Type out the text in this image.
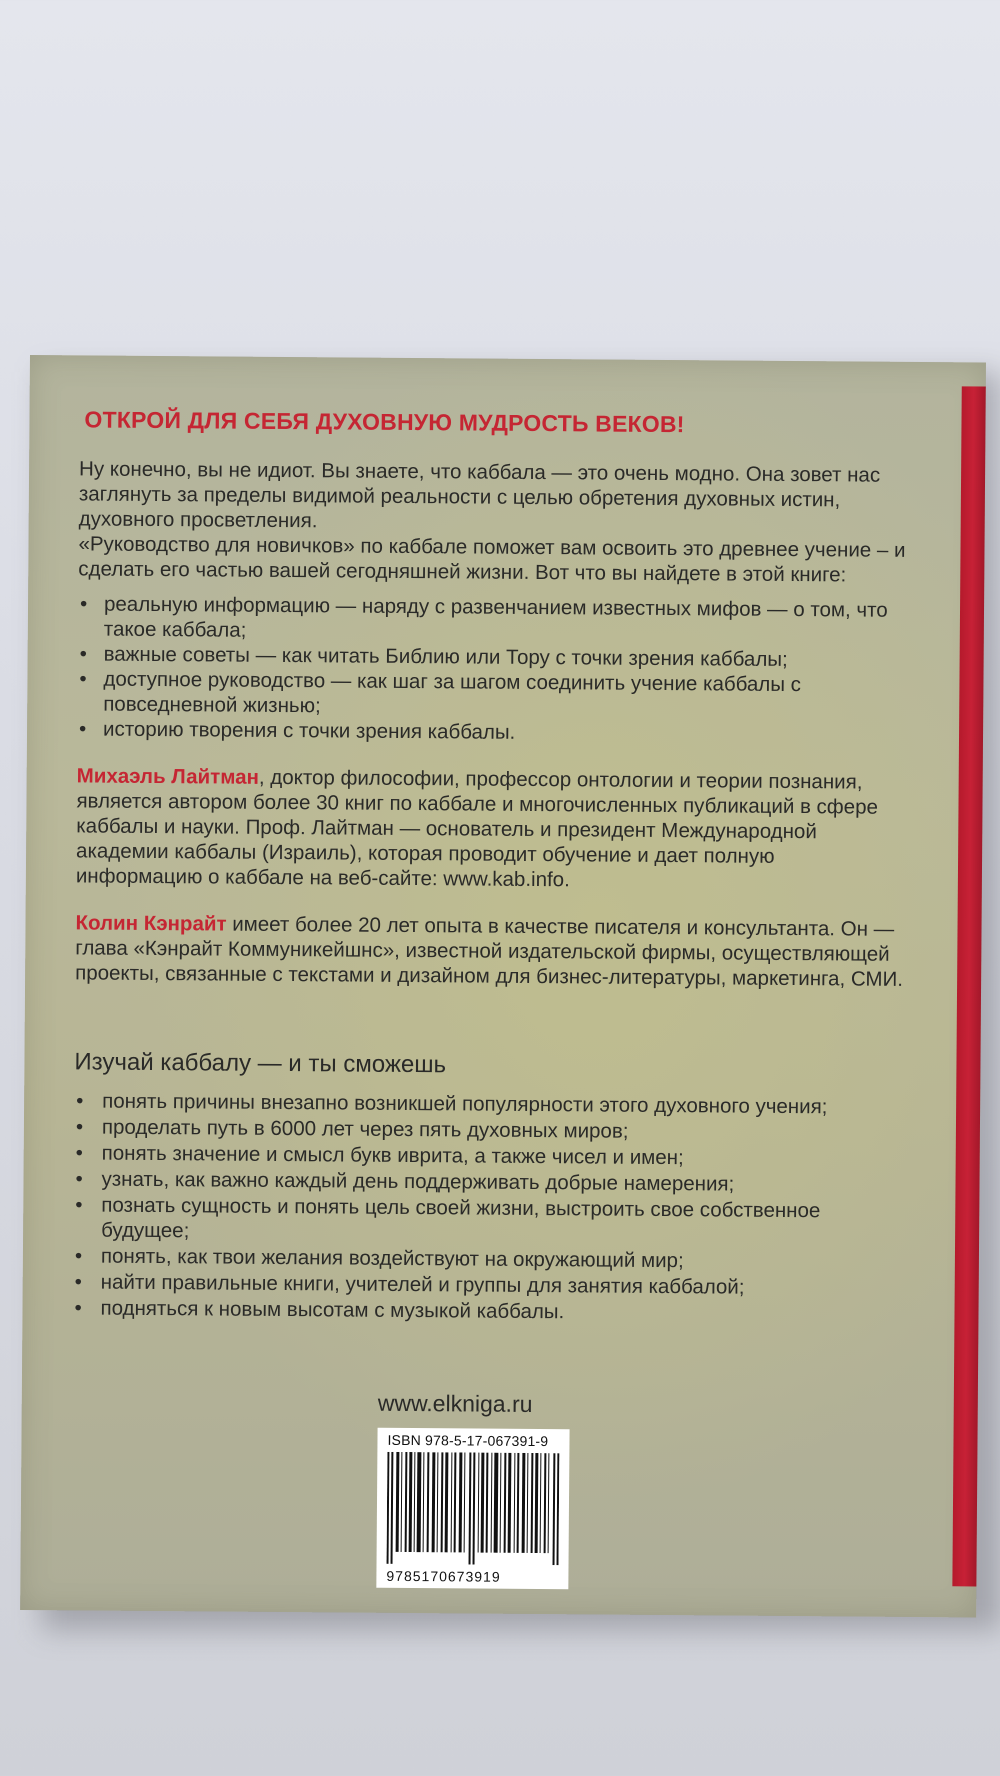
ОТКРОЙ ДЛЯ СЕБЯ ДУХОВНУЮ МУДРОСТЬ ВЕКОВ!

Ну конечно, вы не идиот. Вы знаете, что каббала — это очень модно. Она зовет нас заглянуть за пределы видимой реальности с целью обретения духовных истин, духовного просветления.

«Руководство для новичков» по каббале поможет вам освоить это древнее учение – и сделать его частью вашей сегодняшней жизни. Вот что вы найдете в этой книге:

• реальную информацию — наряду с развенчанием известных мифов — о том, что такое каббала;
• важные советы — как читать Библию или Тору с точки зрения каббалы;
• доступное руководство — как шаг за шагом соединить учение каббалы с повседневной жизнью;
• историю творения с точки зрения каббалы.

Михаэль Лайтман, доктор философии, профессор онтологии и теории познания, является автором более 30 книг по каббале и многочисленных публикаций в сфере каббалы и науки. Проф. Лайтман — основатель и президент Международной академии каббалы (Израиль), которая проводит обучение и дает полную информацию о каббале на веб-сайте: www.kab.info.

Колин Кэнрайт имеет более 20 лет опыта в качестве писателя и консультанта. Он — глава «Кэнрайт Коммуникейшнс», известной издательской фирмы, осуществляющей проекты, связанные с текстами и дизайном для бизнес-литературы, маркетинга, СМИ.

Изучай каббалу — и ты сможешь
• понять причины внезапно возникшей популярности этого духовного учения;
• проделать путь в 6000 лет через пять духовных миров;
• понять значение и смысл букв иврита, а также чисел и имен;
• узнать, как важно каждый день поддерживать добрые намерения;
• познать сущность и понять цель своей жизни, выстроить свое собственное будущее;
• понять, как твои желания воздействуют на окружающий мир;
• найти правильные книги, учителей и группы для занятия каббалой;
• подняться к новым высотам с музыкой каббалы.
www.elkniga.ru
ISBN 978-5-17-067391-9
9785170673919
